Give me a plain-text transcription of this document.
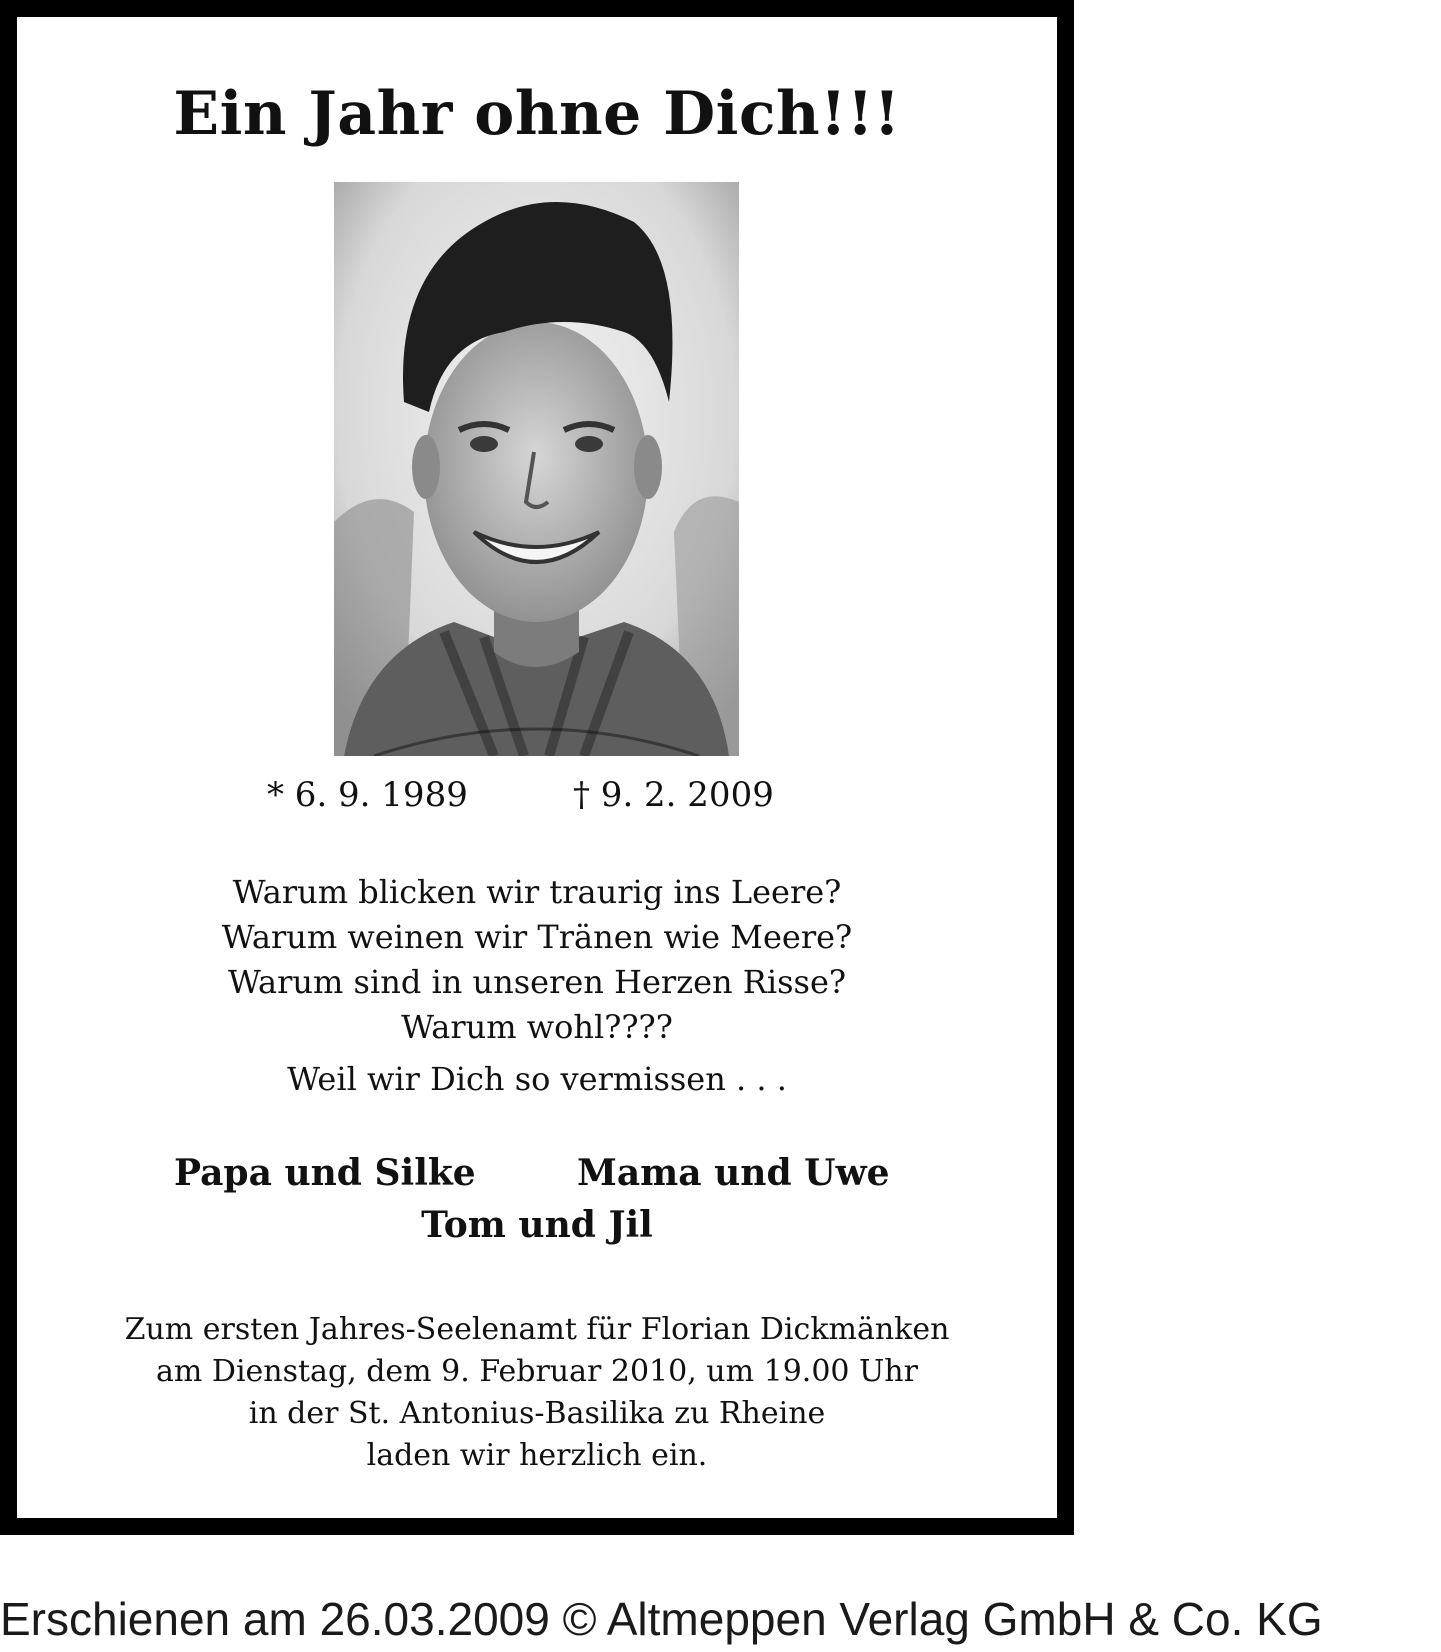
Ein Jahr ohne Dich!!!
* 6. 9. 1989	† 9. 2. 2009
Warum blicken wir traurig ins Leere?
Warum weinen wir Tränen wie Meere?
Warum sind in unseren Herzen Risse?
Warum wohl????
Weil wir Dich so vermissen . . .
Papa und Silke	Mama und Uwe
Tom und Jil
Zum ersten Jahres-Seelenamt für Florian Dickmänken
am Dienstag, dem 9. Februar 2010, um 19.00 Uhr
in der St. Antonius-Basilika zu Rheine
laden wir herzlich ein.
Erschienen am 26.03.2009 © Altmeppen Verlag GmbH & Co. KG
